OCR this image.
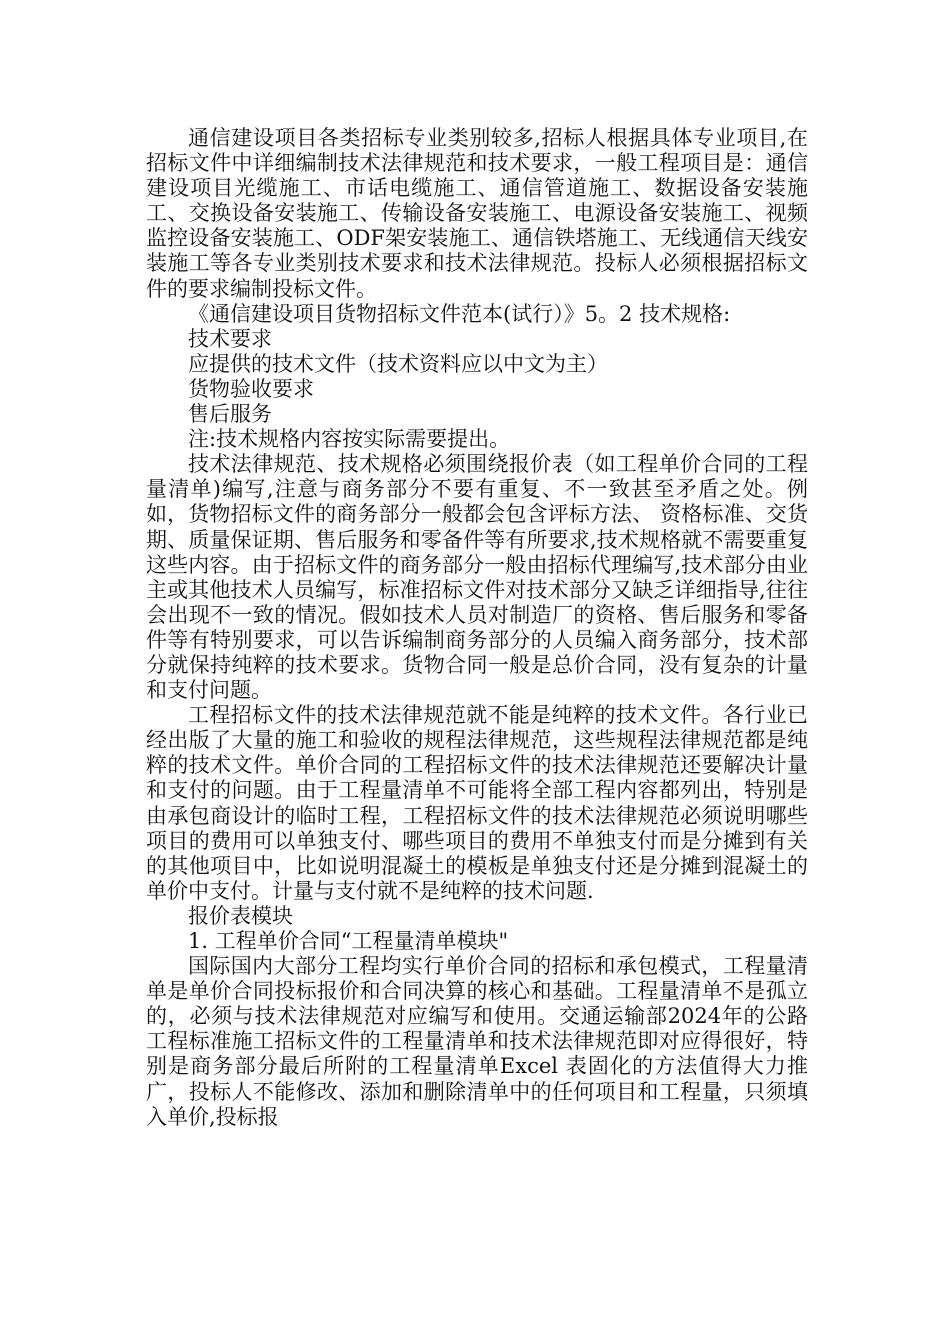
通信建设项目各类招标专业类别较多,招标人根据具体专业项目,在招标文件中详细编制技术法律规范和技术要求，一般工程项目是：通信建设项目光缆施工、市话电缆施工、通信管道施工、数据设备安装施工、交换设备安装施工、传输设备安装施工、电源设备安装施工、视频监控设备安装施工、ODF架安装施工、通信铁塔施工、无线通信天线安装施工等各专业类别技术要求和技术法律规范。投标人必须根据招标文件的要求编制投标文件。

《通信建设项目货物招标文件范本(试行）》5。2 技术规格:

技术要求

应提供的技术文件（技术资料应以中文为主）

货物验收要求

售后服务

注:技术规格内容按实际需要提出。

技术法律规范、技术规格必须围绕报价表（如工程单价合同的工程量清单)编写,注意与商务部分不要有重复、不一致甚至矛盾之处。例如，货物招标文件的商务部分一般都会包含评标方法、 资格标准、交货期、质量保证期、售后服务和零备件等有所要求,技术规格就不需要重复这些内容。由于招标文件的商务部分一般由招标代理编写,技术部分由业主或其他技术人员编写，标准招标文件对技术部分又缺乏详细指导,往往会出现不一致的情况。假如技术人员对制造厂的资格、售后服务和零备件等有特别要求，可以告诉编制商务部分的人员编入商务部分，技术部分就保持纯粹的技术要求。货物合同一般是总价合同，没有复杂的计量和支付问题。

工程招标文件的技术法律规范就不能是纯粹的技术文件。各行业已经出版了大量的施工和验收的规程法律规范，这些规程法律规范都是纯粹的技术文件。单价合同的工程招标文件的技术法律规范还要解决计量和支付的问题。由于工程量清单不可能将全部工程内容都列出，特别是由承包商设计的临时工程，工程招标文件的技术法律规范必须说明哪些项目的费用可以单独支付、哪些项目的费用不单独支付而是分摊到有关的其他项目中，比如说明混凝土的模板是单独支付还是分摊到混凝土的单价中支付。计量与支付就不是纯粹的技术问题.

报价表模块

1. 工程单价合同“工程量清单模块"

国际国内大部分工程均实行单价合同的招标和承包模式，工程量清单是单价合同投标报价和合同决算的核心和基础。工程量清单不是孤立的，必须与技术法律规范对应编写和使用。交通运输部2024年的公路工程标准施工招标文件的工程量清单和技术法律规范即对应得很好，特别是商务部分最后所附的工程量清单Excel 表固化的方法值得大力推广，投标人不能修改、添加和删除清单中的任何项目和工程量，只须填入单价,投标报
